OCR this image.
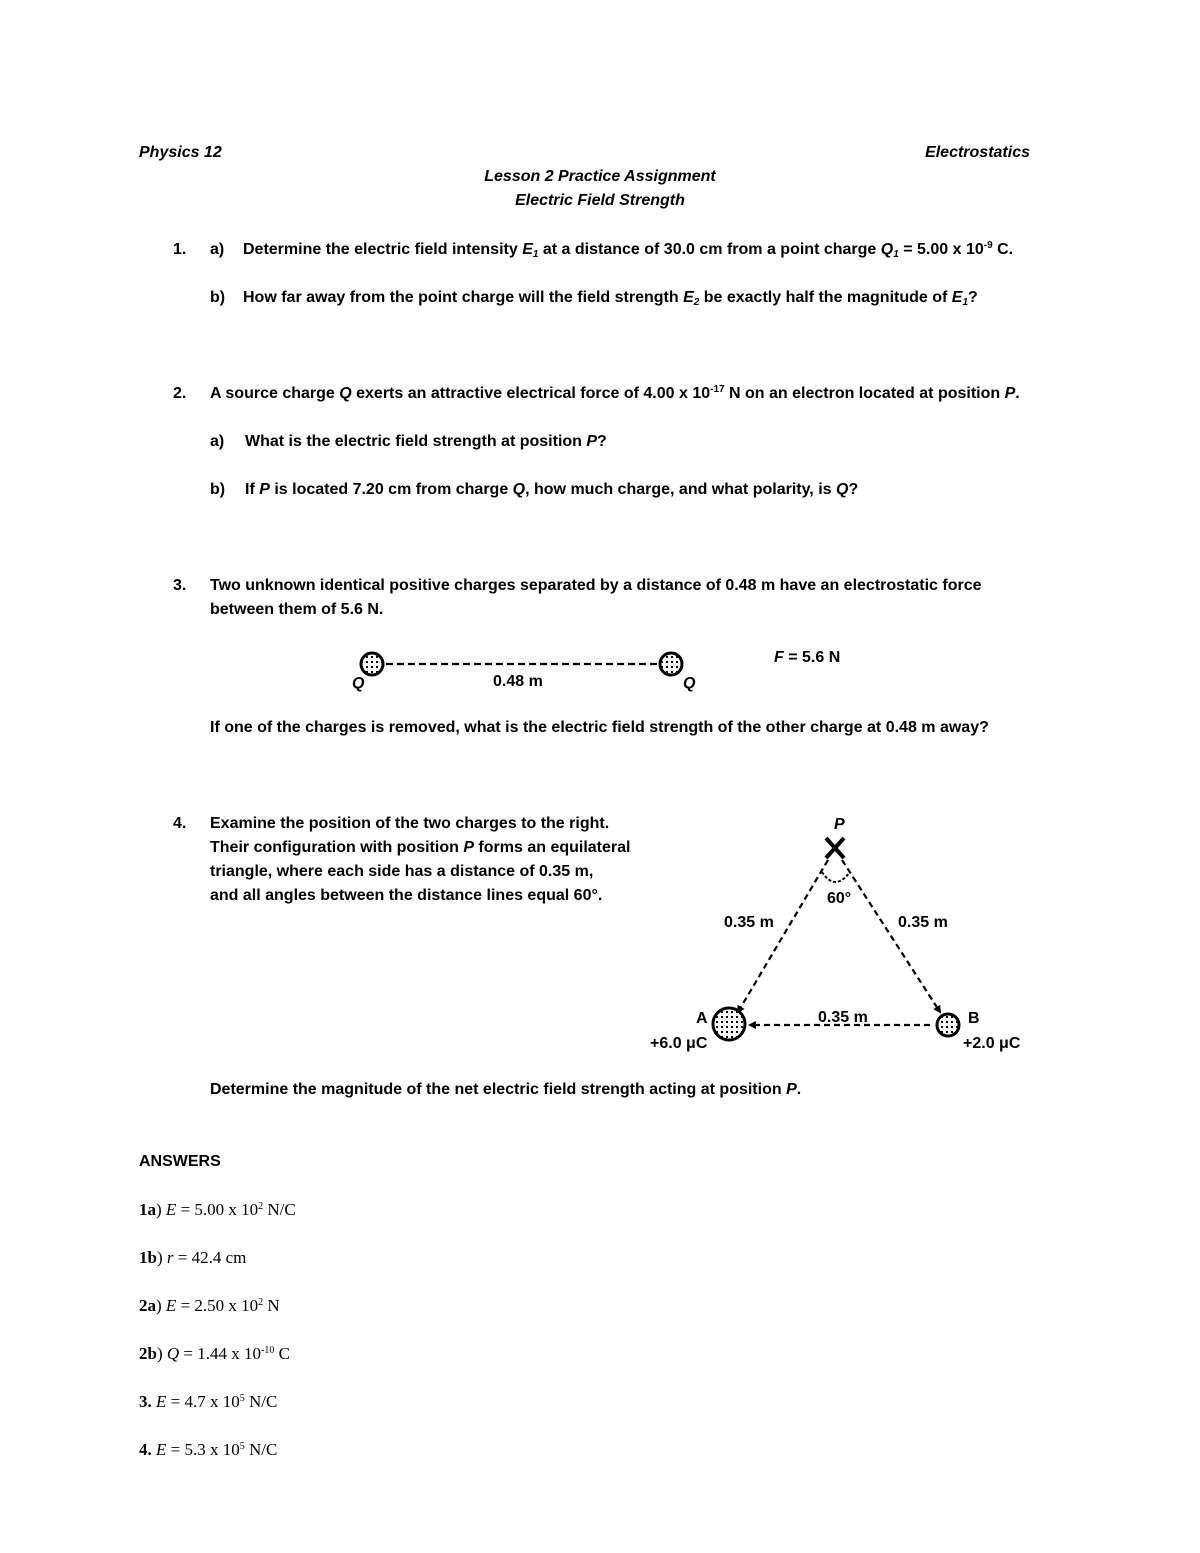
Physics 12	Electrostatics
Lesson 2 Practice Assignment
Electric Field Strength
1. a) Determine the electric field intensity $E_1$ at a distance of 30.0 cm from a point charge $Q_1 = 5.00$ x $10^{-9}$ C.
b) How far away from the point charge will the field strength $E_2$ be exactly half the magnitude of $E_1$?
2. A source charge Q exerts an attractive electrical force of 4.00 x $10^{-17}$ N on an electron located at position P.
a) What is the electric field strength at position P?
b) If P is located 7.20 cm from charge Q, how much charge, and what polarity, is Q?
3. Two unknown identical positive charges separated by a distance of 0.48 m have an electrostatic force
between them of 5.6 N.
Q	Q
0.48 m
F = 5.6 N
If one of the charges is removed, what is the electric field strength of the other charge at 0.48 m away?
4. Examine the position of the two charges to the right.
Their configuration with position P forms an equilateral
triangle, where each side has a distance of 0.35 m,
and all angles between the distance lines equal 60°.
P
60°
0.35 m	0.35 m
0.35 m
A
+6.0 μC
B
+2.0 μC
Determine the magnitude of the net electric field strength acting at position P.
ANSWERS
1a) E = 5.00 x $10^2$ N/C
1b) r = 42.4 cm
2a) E = 2.50 x $10^2$ N
2b) Q = 1.44 x $10^{-10}$ C
3. E = 4.7 x $10^5$ N/C
4. E = 5.3 x $10^5$ N/C
